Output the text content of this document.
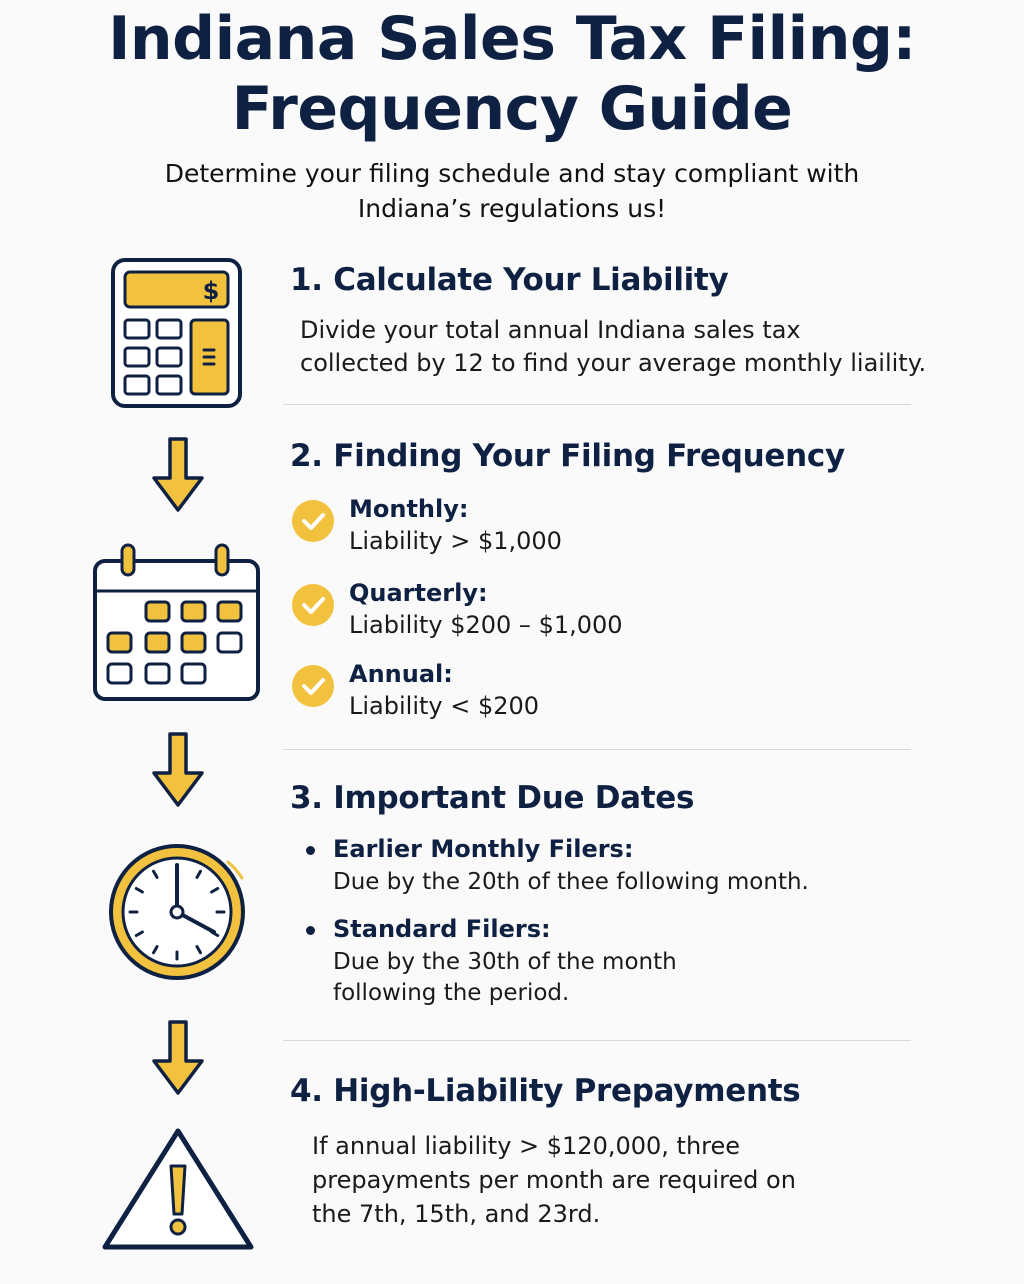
Indiana Sales Tax Filing:
Frequency Guide
Determine your filing schedule and stay compliant with
Indiana’s regulations us!
$ 1. Calculate Your Liability
Divide your total annual Indiana sales tax
collected by 12 to find your average monthly liaility.
2. Finding Your Filing Frequency
Monthly:
Liability > $1,000
Quarterly:
Liability $200 – $1,000
Annual:
Liability < $200
3. Important Due Dates
Earlier Monthly Filers:
Due by the 20th of thee following month.
Standard Filers:
Due by the 30th of the month
following the period.
4. High-Liability Prepayments
If annual liability > $120,000, three
prepayments per month are required on
the 7th, 15th, and 23rd.
